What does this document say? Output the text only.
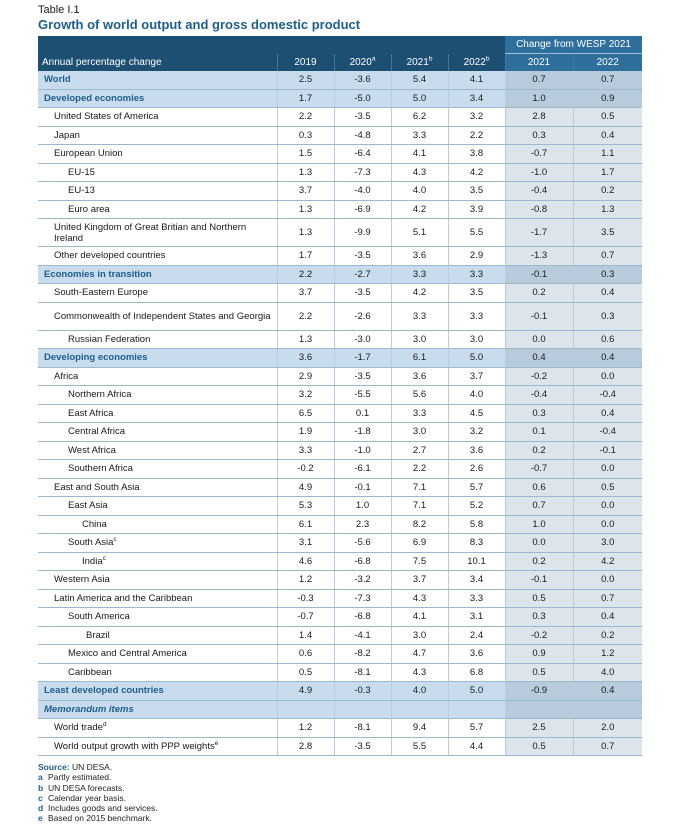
Table I.1
Growth of world output and gross domestic product
					Change from WESP 2021	
Annual percentage change	2019	2020$^a$	2021$^b$	2022$^b$	2021	2022
World	2.5	-3.6	5.4	4.1	0.7	0.7
Developed economies	1.7	-5.0	5.0	3.4	1.0	0.9
United States of America	2.2	-3.5	6.2	3.2	2.8	0.5
Japan	0.3	-4.8	3.3	2.2	0.3	0.4
European Union	1.5	-6.4	4.1	3.8	-0.7	1.1
EU-15	1.3	-7.3	4.3	4.2	-1.0	1.7
EU-13	3.7	-4.0	4.0	3.5	-0.4	0.2
Euro area	1.3	-6.9	4.2	3.9	-0.8	1.3
United Kingdom of Great Britian and Northern Ireland	1.3	-9.9	5.1	5.5	-1.7	3.5
Other developed countries	1.7	-3.5	3.6	2.9	-1.3	0.7
Economies in transition	2.2	-2.7	3.3	3.3	-0.1	0.3
South-Eastern Europe	3.7	-3.5	4.2	3.5	0.2	0.4
Commonwealth of Independent States and Georgia	2.2	-2.6	3.3	3.3	-0.1	0.3
Russian Federation	1.3	-3.0	3.0	3.0	0.0	0.6
Developing economies	3.6	-1.7	6.1	5.0	0.4	0.4
Africa	2.9	-3.5	3.6	3.7	-0.2	0.0
Northern Africa	3.2	-5.5	5.6	4.0	-0.4	-0.4
East Africa	6.5	0.1	3.3	4.5	0.3	0.4
Central Africa	1.9	-1.8	3.0	3.2	0.1	-0.4
West Africa	3.3	-1.0	2.7	3.6	0.2	-0.1
Southern Africa	-0.2	-6.1	2.2	2.6	-0.7	0.0
East and South Asia	4.9	-0.1	7.1	5.7	0.6	0.5
East Asia	5.3	1.0	7.1	5.2	0.7	0.0
China	6.1	2.3	8.2	5.8	1.0	0.0
South Asia$^c$	3.1	-5.6	6.9	8.3	0.0	3.0
India$^c$	4.6	-6.8	7.5	10.1	0.2	4.2
Western Asia	1.2	-3.2	3.7	3.4	-0.1	0.0
Latin America and the Caribbean	-0.3	-7.3	4.3	3.3	0.5	0.7
South America	-0.7	-6.8	4.1	3.1	0.3	0.4
Brazil	1.4	-4.1	3.0	2.4	-0.2	0.2
Mexico and Central America	0.6	-8.2	4.7	3.6	0.9	1.2
Caribbean	0.5	-8.1	4.3	6.8	0.5	4.0
Least developed countries	4.9	-0.3	4.0	5.0	-0.9	0.4
Memorandum items						
World trade$^d$	1.2	-8.1	9.4	5.7	2.5	2.0
World output growth with PPP weights$^e$	2.8	-3.5	5.5	4.4	0.5	0.7
Source: UN DESA.
a Partly estimated.
b UN DESA forecasts.
c Calendar year basis.
d Includes goods and services.
e Based on 2015 benchmark.
